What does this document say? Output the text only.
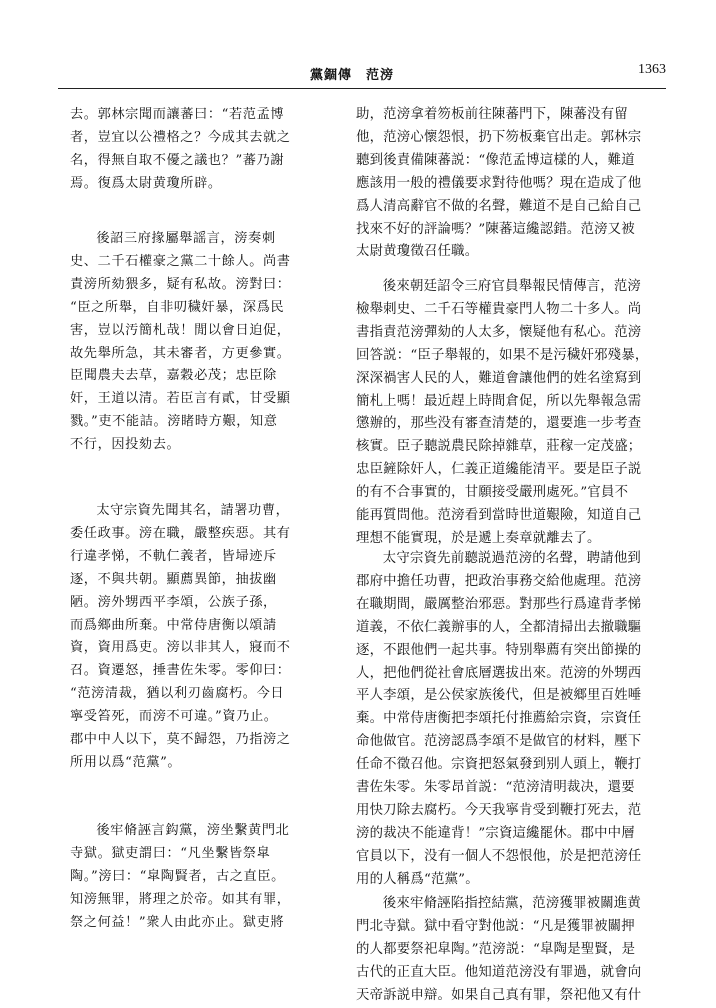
黨錮傳　范滂	1363
去。郭林宗聞而讓蕃曰：“若范孟博
者，豈宜以公禮格之？今成其去就之
名，得無自取不優之議也？”蕃乃謝
焉。復爲太尉黄瓊所辟。
後詔三府掾屬舉謡言，滂奏刺
史、二千石權豪之黨二十餘人。尚書
責滂所劾猥多，疑有私故。滂對曰：
“臣之所舉，自非叨穢奸暴，深爲民
害，豈以汚簡札哉！閒以會日迫促，
故先舉所急，其未審者，方更參實。
臣聞農夫去草，嘉穀必茂；忠臣除
奸，王道以清。若臣言有貳，甘受顯
戮。”吏不能詰。滂睹時方艱，知意
不行，因投劾去。
太守宗資先聞其名，請署功曹，
委任政事。滂在職，嚴整疾惡。其有
行違孝悌，不軌仁義者，皆埽迹斥
逐，不與共朝。顯薦異節，抽拔幽
陋。滂外甥西平李頌，公族子孫，
而爲鄉曲所棄。中常侍唐衡以頌請
資，資用爲吏。滂以非其人，寢而不
召。資遷怒，捶書佐朱零。零仰曰：
“范滂清裁，猶以利刃齒腐朽。今日
寧受笞死，而滂不可違。”資乃止。
郡中中人以下，莫不歸怨，乃指滂之
所用以爲“范黨”。
後牢脩誣言鈎黨，滂坐繫黄門北
寺獄。獄吏謂曰：“凡坐繫皆祭皐
陶。”滂曰：“皐陶賢者，古之直臣。
知滂無罪，將理之於帝。如其有罪，
祭之何益！”衆人由此亦止。獄吏將
助，范滂拿着笏板前往陳蕃門下，陳蕃没有留
他，范滂心懷怨恨，扔下笏板棄官出走。郭林宗
聽到後責備陳蕃説：“像范孟博這樣的人，難道
應該用一般的禮儀要求對待他嗎？現在造成了他
爲人清高辭官不做的名聲，難道不是自己給自己
找來不好的評論嗎？”陳蕃這纔認錯。范滂又被
太尉黄瓊徵召任職。
後來朝廷詔令三府官員舉報民情傳言，范滂
檢舉刺史、二千石等權貴豪門人物二十多人。尚
書指責范滂彈劾的人太多，懷疑他有私心。范滂
回答説：“臣子舉報的，如果不是污穢奸邪殘暴，
深深禍害人民的人，難道會讓他們的姓名塗寫到
簡札上嗎！最近趕上時間倉促，所以先舉報急需
懲辦的，那些没有審查清楚的，還要進一步考查
核實。臣子聽説農民除掉雜草，莊稼一定茂盛；
忠臣鏟除奸人，仁義正道纔能清平。要是臣子説
的有不合事實的，甘願接受嚴刑處死。”官員不
能再質問他。范滂看到當時世道艱險，知道自己
理想不能實現，於是遞上奏章就離去了。
太守宗資先前聽説過范滂的名聲，聘請他到
郡府中擔任功曹，把政治事務交給他處理。范滂
在職期間，嚴厲整治邪惡。對那些行爲違背孝悌
道義，不依仁義辦事的人，全都清掃出去撤職驅
逐，不跟他們一起共事。特别舉薦有突出節操的
人，把他們從社會底層選拔出來。范滂的外甥西
平人李頌，是公侯家族後代，但是被鄉里百姓唾
棄。中常侍唐衡把李頌托付推薦給宗資，宗資任
命他做官。范滂認爲李頌不是做官的材料，壓下
任命不徵召他。宗資把怒氣發到别人頭上，鞭打
書佐朱零。朱零昂首説：“范滂清明裁决，還要
用快刀除去腐朽。今天我寧肯受到鞭打死去，范
滂的裁决不能違背！”宗資這纔罷休。郡中中層
官員以下，没有一個人不怨恨他，於是把范滂任
用的人稱爲“范黨”。
後來牢脩誣陷指控結黨，范滂獲罪被關進黄
門北寺獄。獄中看守對他説：“凡是獲罪被關押
的人都要祭祀皐陶。”范滂説：“皐陶是聖賢，是
古代的正直大臣。他知道范滂没有罪過，就會向
天帝訴説申辯。如果自己真有罪，祭祀他又有什
